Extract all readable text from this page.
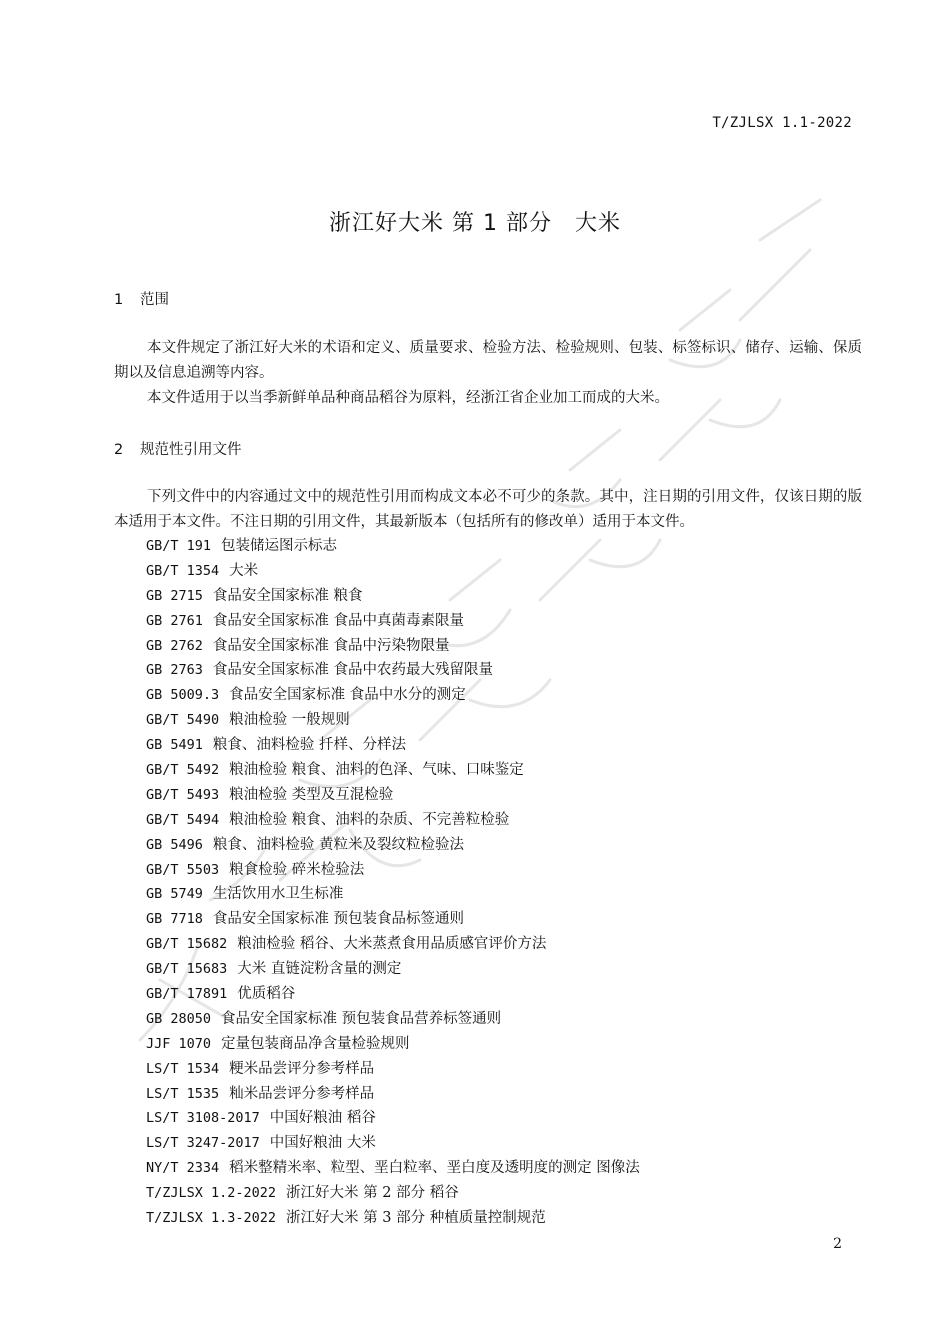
T/ZJLSX 1.1-2022
浙江好大米 第 1 部分　大米
1 范围

本文件规定了浙江好大米的术语和定义、质量要求、检验方法、检验规则、包装、标签标识、储存、运输、保质期以及信息追溯等内容。

本文件适用于以当季新鲜单品种商品稻谷为原料，经浙江省企业加工而成的大米。

2 规范性引用文件

下列文件中的内容通过文中的规范性引用而构成文本必不可少的条款。其中，注日期的引用文件，仅该日期的版本适用于本文件。不注日期的引用文件，其最新版本（包括所有的修改单）适用于本文件。

GB/T 191 包装储运图示标志
GB/T 1354 大米
GB 2715 食品安全国家标准 粮食
GB 2761 食品安全国家标准 食品中真菌毒素限量
GB 2762 食品安全国家标准 食品中污染物限量
GB 2763 食品安全国家标准 食品中农药最大残留限量
GB 5009.3 食品安全国家标准 食品中水分的测定
GB/T 5490 粮油检验 一般规则
GB 5491 粮食、油料检验 扦样、分样法
GB/T 5492 粮油检验 粮食、油料的色泽、气味、口味鉴定
GB/T 5493 粮油检验 类型及互混检验
GB/T 5494 粮油检验 粮食、油料的杂质、不完善粒检验
GB 5496 粮食、油料检验 黄粒米及裂纹粒检验法
GB/T 5503 粮食检验 碎米检验法
GB 5749 生活饮用水卫生标准
GB 7718 食品安全国家标准 预包装食品标签通则
GB/T 15682 粮油检验 稻谷、大米蒸煮食用品质感官评价方法
GB/T 15683 大米 直链淀粉含量的测定
GB/T 17891 优质稻谷
GB 28050 食品安全国家标准 预包装食品营养标签通则
JJF 1070 定量包装商品净含量检验规则
LS/T 1534 粳米品尝评分参考样品
LS/T 1535 籼米品尝评分参考样品
LS/T 3108-2017 中国好粮油 稻谷
LS/T 3247-2017 中国好粮油 大米
NY/T 2334 稻米整精米率、粒型、垩白粒率、垩白度及透明度的测定 图像法
T/ZJLSX 1.2-2022 浙江好大米 第 2 部分 稻谷
T/ZJLSX 1.3-2022 浙江好大米 第 3 部分 种植质量控制规范
2
